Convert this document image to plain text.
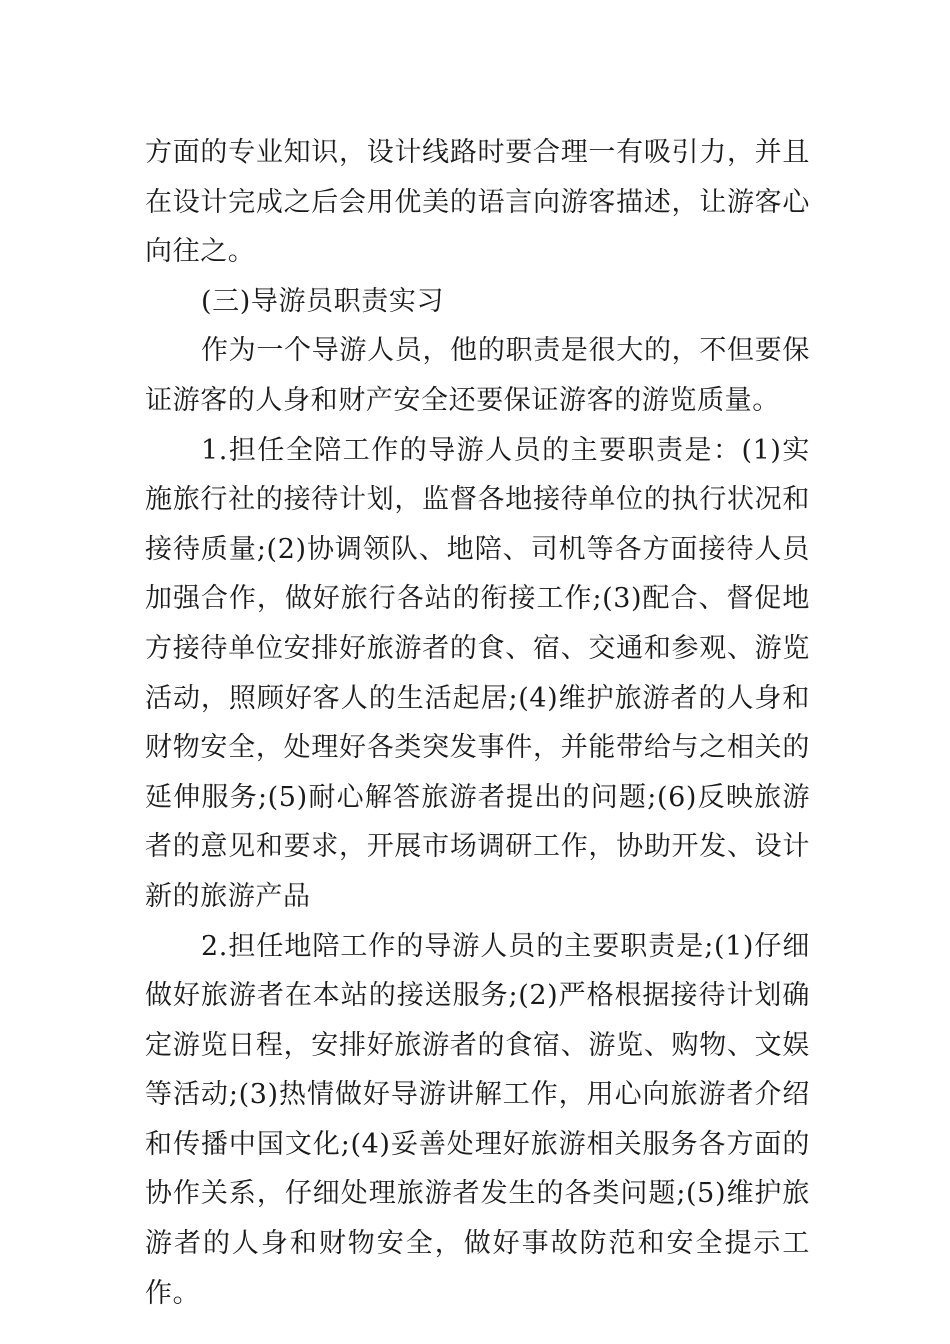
方面的专业知识，设计线路时要合理一有吸引力，并且在设计完成之后会用优美的语言向游客描述，让游客心向往之。

(三)导游员职责实习

作为一个导游人员，他的职责是很大的，不但要保证游客的人身和财产安全还要保证游客的游览质量。

1.担任全陪工作的导游人员的主要职责是：(1)实施旅行社的接待计划，监督各地接待单位的执行状况和接待质量;(2)协调领队、地陪、司机等各方面接待人员加强合作，做好旅行各站的衔接工作;(3)配合、督促地方接待单位安排好旅游者的食、宿、交通和参观、游览活动，照顾好客人的生活起居;(4)维护旅游者的人身和财物安全，处理好各类突发事件，并能带给与之相关的延伸服务;(5)耐心解答旅游者提出的问题;(6)反映旅游者的意见和要求，开展市场调研工作，协助开发、设计新的旅游产品

2.担任地陪工作的导游人员的主要职责是;(1)仔细做好旅游者在本站的接送服务;(2)严格根据接待计划确定游览日程，安排好旅游者的食宿、游览、购物、文娱等活动;(3)热情做好导游讲解工作，用心向旅游者介绍和传播中国文化;(4)妥善处理好旅游相关服务各方面的协作关系，仔细处理旅游者发生的各类问题;(5)维护旅游者的人身和财物安全，做好事故防范和安全提示工作。
